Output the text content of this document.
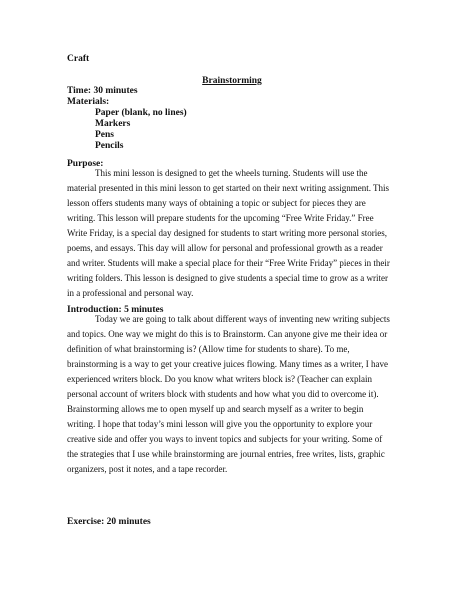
Craft
Brainstorming
Time: 30 minutes
Materials:
Paper (blank, no lines)
Markers
Pens
Pencils
Purpose:
This mini lesson is designed to get the wheels turning. Students will use the
material presented in this mini lesson to get started on their next writing assignment. This
lesson offers students many ways of obtaining a topic or subject for pieces they are
writing. This lesson will prepare students for the upcoming “Free Write Friday.” Free
Write Friday, is a special day designed for students to start writing more personal stories,
poems, and essays. This day will allow for personal and professional growth as a reader
and writer. Students will make a special place for their “Free Write Friday” pieces in their
writing folders. This lesson is designed to give students a special time to grow as a writer
in a professional and personal way.
Introduction: 5 minutes
Today we are going to talk about different ways of inventing new writing subjects
and topics. One way we might do this is to Brainstorm. Can anyone give me their idea or
definition of what brainstorming is? (Allow time for students to share). To me,
brainstorming is a way to get your creative juices flowing. Many times as a writer, I have
experienced writers block. Do you know what writers block is? (Teacher can explain
personal account of writers block with students and how what you did to overcome it).
Brainstorming allows me to open myself up and search myself as a writer to begin
writing. I hope that today’s mini lesson will give you the opportunity to explore your
creative side and offer you ways to invent topics and subjects for your writing. Some of
the strategies that I use while brainstorming are journal entries, free writes, lists, graphic
organizers, post it notes, and a tape recorder.
Exercise: 20 minutes
